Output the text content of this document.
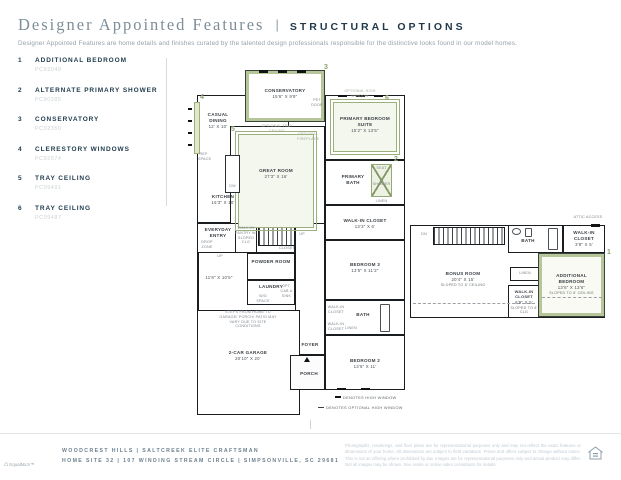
Designer Appointed Features | STRUCTURAL OPTIONS
Designer Appointed Features are home details and finishes curated by the talented design professionals responsible for the distinctive looks found in our model homes.
1	ADDITIONAL BEDROOM
PC92049
2	ALTERNATE PRIMARY SHOWER
PC90285
3	CONSERVATORY
PC92350
4	CLERESTORY WINDOWS
PC92574
5	TRAY CEILING
PC09491
6	TRAY CEILING
PC09487
3
4
5
6
2
CONSERVATORY
15'6" X 9'9"
PET DOOR
OPTIONAL TRAY CEILING
OPTIONAL FIREPLACE
OPTIONAL HIGH WINDOW
CASUAL DINING
12' X 10'
REF SPACE
DW
KITCHEN
16'3" X 10'
GREAT ROOM
27'3" X 16'
PRIMARY BEDROOM SUITE
15'2" X 13'5"
PRIMARY BATH
SEAT
SHOWER
LINEN
EVERYDAY ENTRY
DROP ZONE
WALK-IN PANTRY W/ SLOPED CLG
UP
UP
CLOSET
POWDER ROOM
11'8" X 10'5"
LAUNDRY
W/D SPACE
OPT. CAB & SINK
STEPS FROM HOME TO GARAGE/ PORCH/ PATIO MAY VARY DUE TO SITE CONDITIONS
2-CAR GARAGE
20'10" X 20'
FOYER
PORCH
WALK-IN CLOSET
13'3" X 6'
BEDROOM 3
13'5" X 11'2"
WALK-IN CLOSET
WALK-IN CLOSET
BATH
LINEN
BEDROOM 2
13'5" X 11'
DENOTES HIGH WINDOW
DENOTES OPTIONAL HIGH WINDOW
ATTIC ACCESS
WALK-IN CLOSET
3'8" X 5'
BATH
DN
BONUS ROOM
20'4" X 15'
SLOPED TO 8' CEILING
LINEN
WALK-IN CLOSET
6'9" X 5'
SLOPED TO 8' CLG
ADDITIONAL BEDROOM
13'6" X 13'6"
SLOPED TO 8' CEILING
1
WOODCREST HILLS | SALTCREEK ELITE CRAFTSMAN
HOME SITE 32 | 107 WINDING STREAM CIRCLE | SIMPSONVILLE, SC 29681
Photographs, renderings, and floor plans are for representational purposes only and may not reflect the exact features or dimensions of your home. All dimensions are subject to field variations. Prices and offers subject to change without notice. This is not an offering where prohibited by law. Images are for representational purposes only and actual product may differ. Not all images may be shown. See onsite or online sales consultants for details.
⌂ EqualMLS™
